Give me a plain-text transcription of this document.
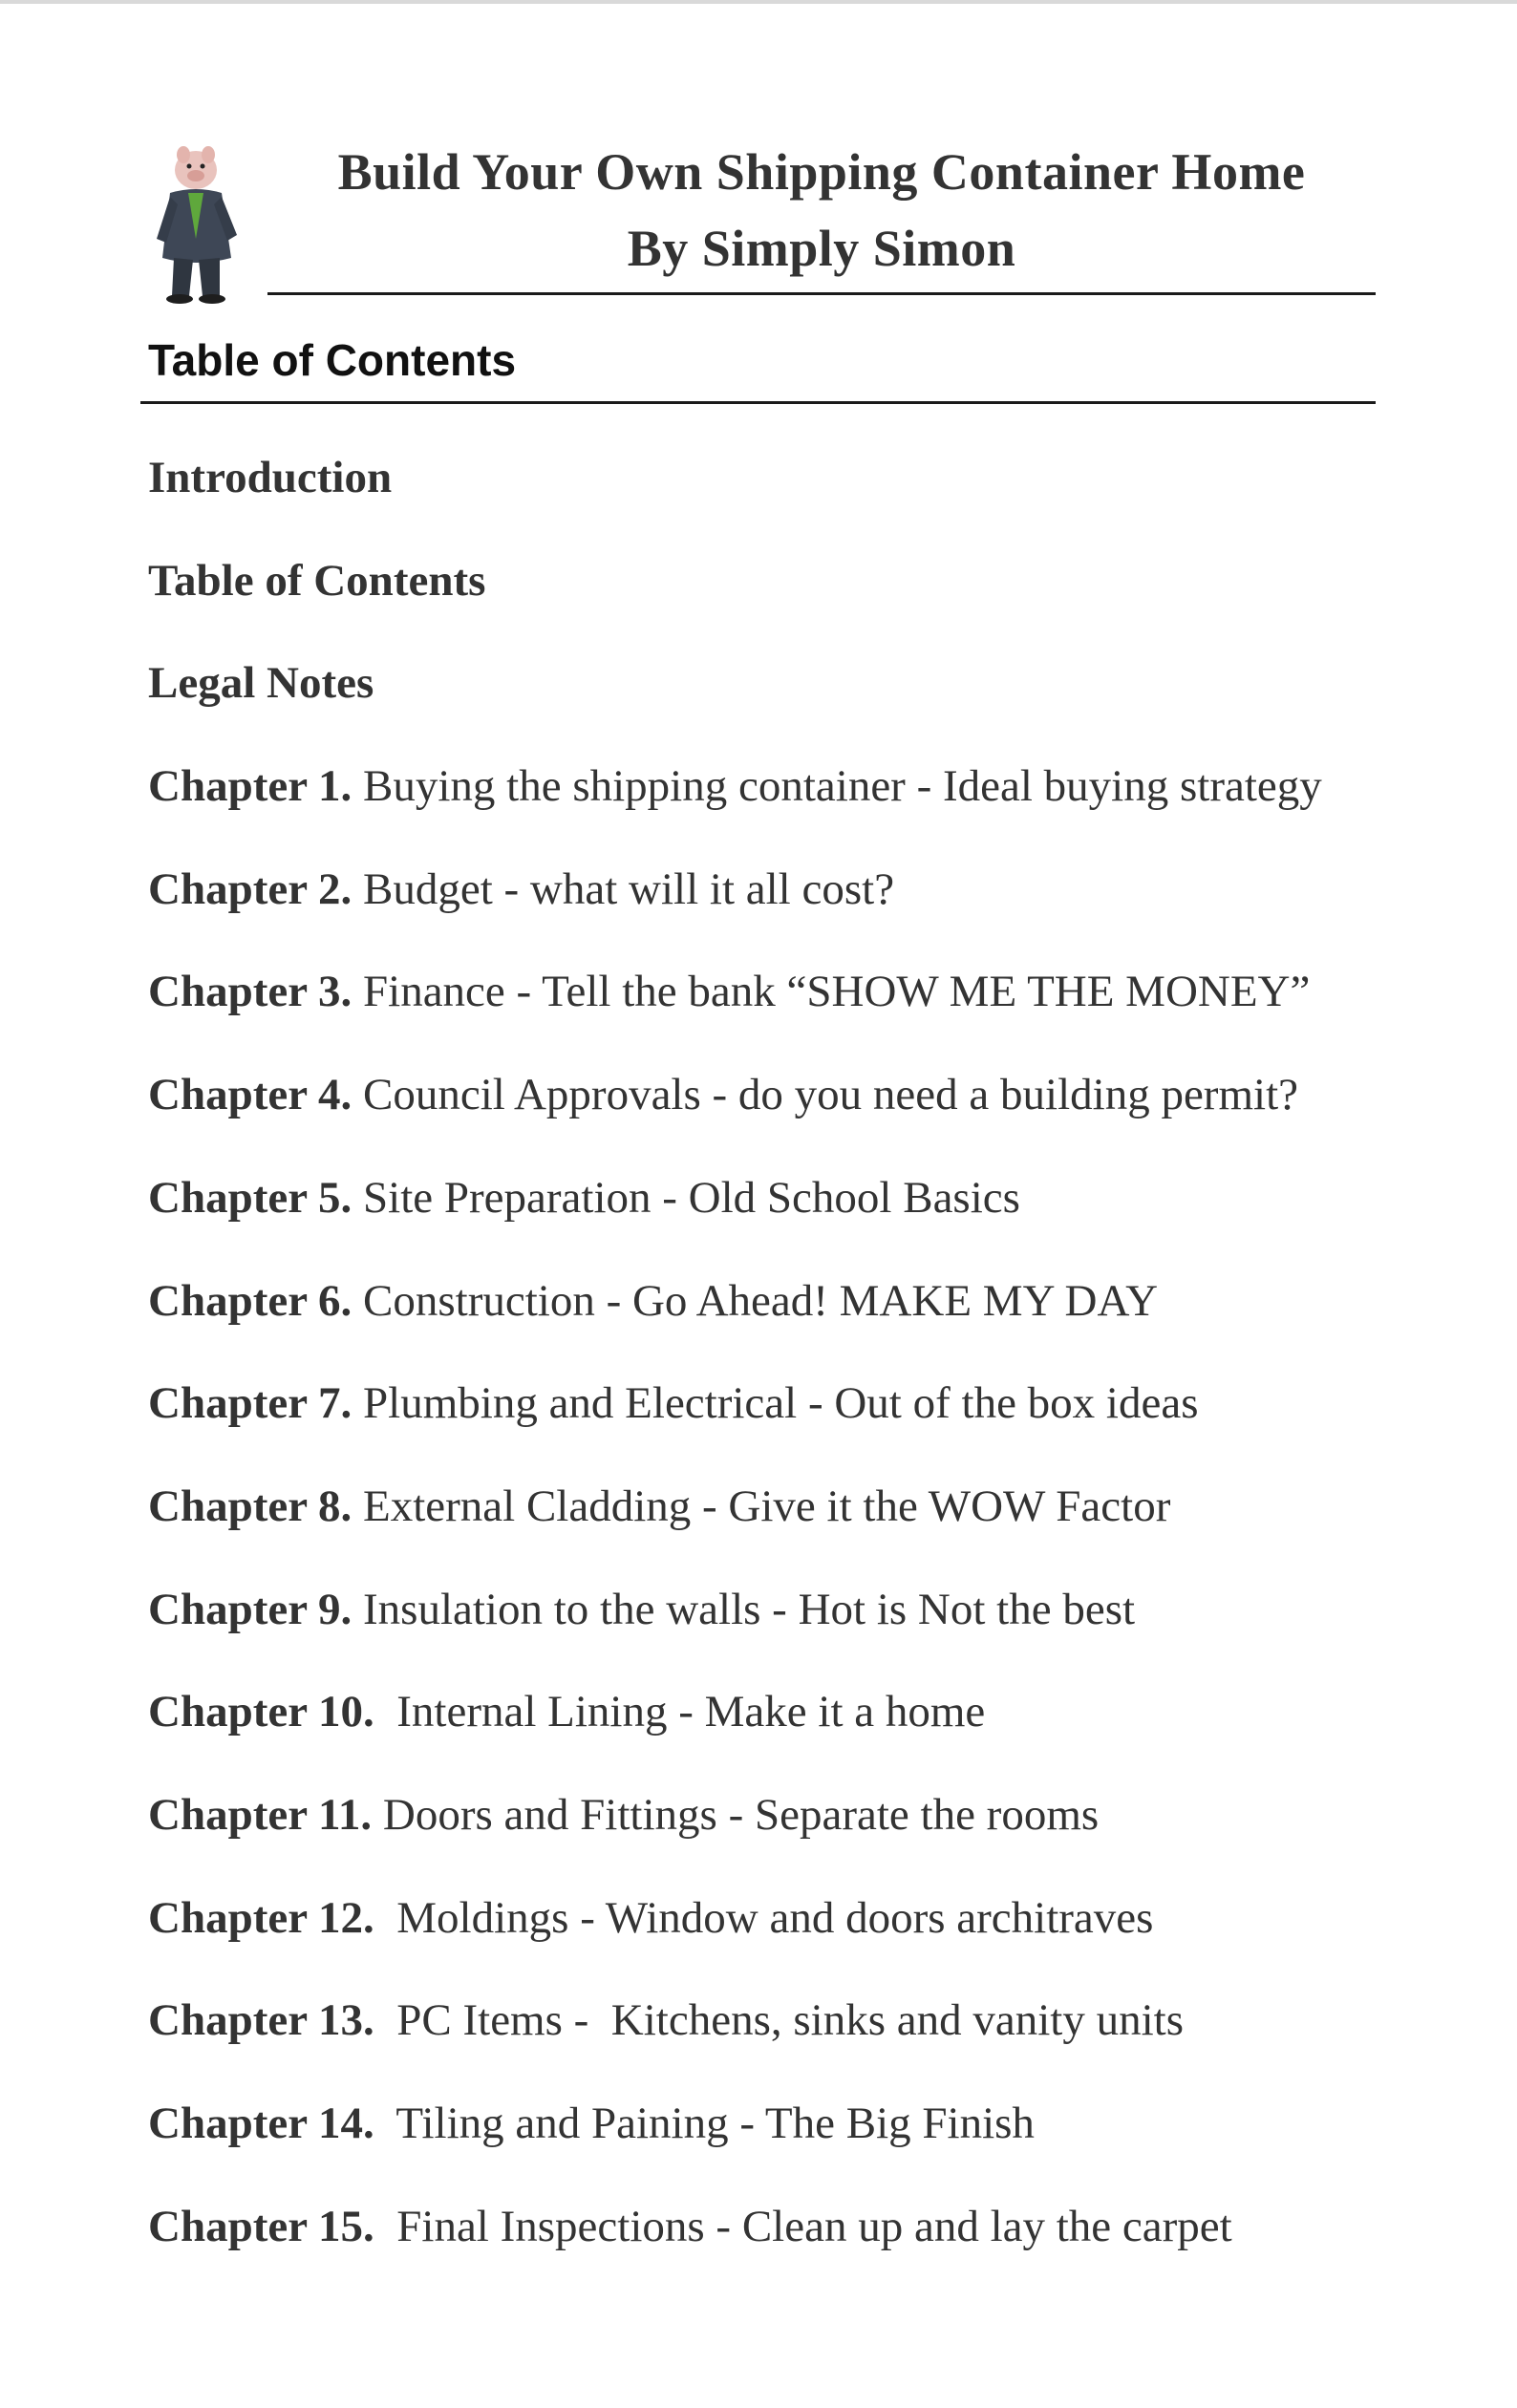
Build Your Own Shipping Container Home
By Simply Simon
Table of Contents
Introduction
Table of Contents
Legal Notes
Chapter 1. Buying the shipping container - Ideal buying strategy
Chapter 2. Budget - what will it all cost?
Chapter 3. Finance - Tell the bank “SHOW ME THE MONEY”
Chapter 4. Council Approvals - do you need a building permit?
Chapter 5. Site Preparation - Old School Basics
Chapter 6. Construction - Go Ahead! MAKE MY DAY
Chapter 7. Plumbing and Electrical - Out of the box ideas
Chapter 8. External Cladding - Give it the WOW Factor
Chapter 9. Insulation to the walls - Hot is Not the best
Chapter 10.  Internal Lining - Make it a home
Chapter 11. Doors and Fittings - Separate the rooms
Chapter 12.  Moldings - Window and doors architraves
Chapter 13.  PC Items -  Kitchens, sinks and vanity units
Chapter 14.  Tiling and Paining - The Big Finish
Chapter 15.  Final Inspections - Clean up and lay the carpet
